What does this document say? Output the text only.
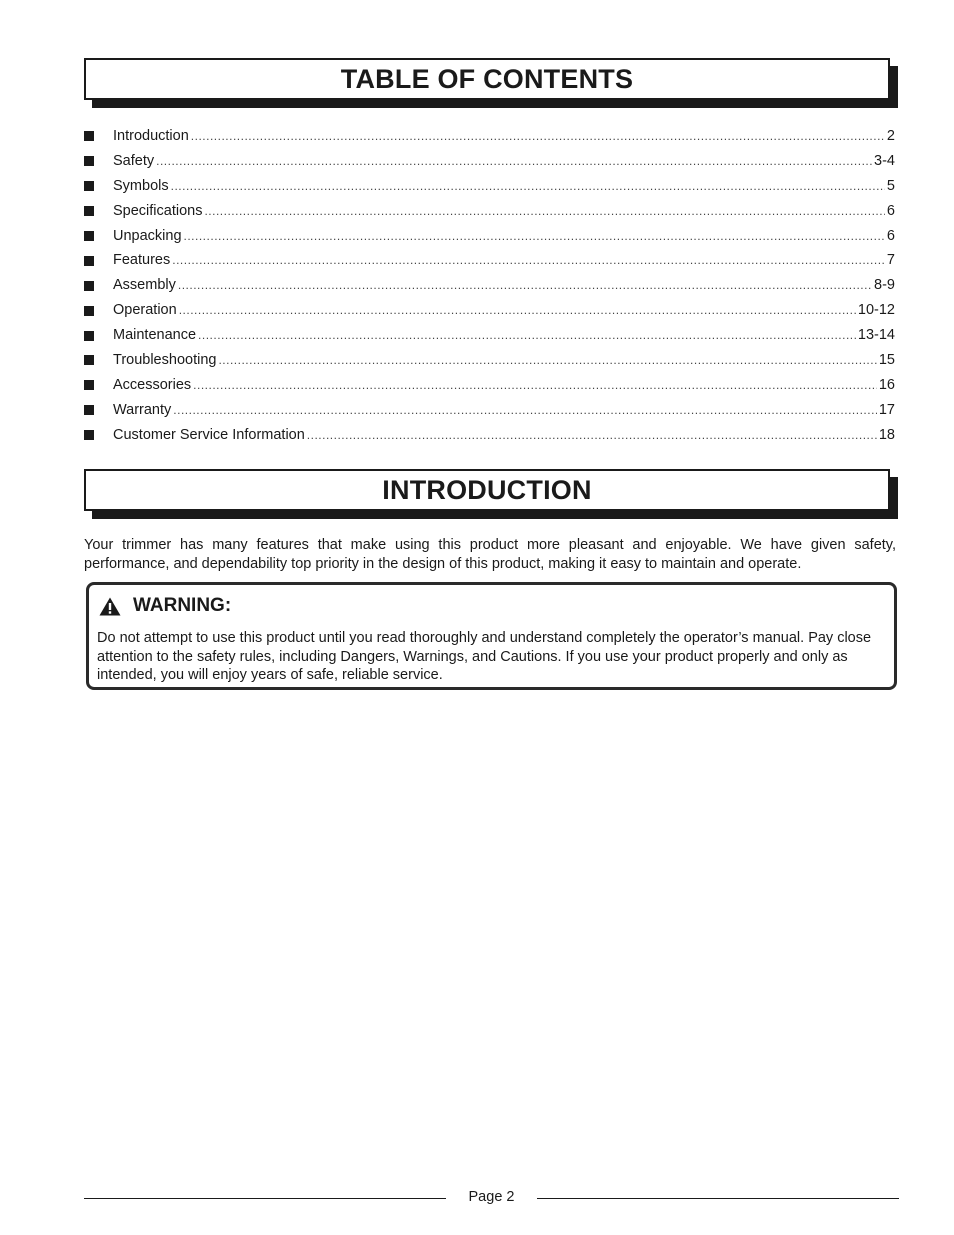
TABLE OF CONTENTS
Introduction .....	2
Safety .....	3-4
Symbols .....	5
Specifications .....	6
Unpacking .....	6
Features .....	7
Assembly .....	8-9
Operation .....	10-12
Maintenance .....	13-14
Troubleshooting .....	15
Accessories .....	16
Warranty .....	17
Customer Service Information .....	18
INTRODUCTION

Your trimmer has many features that make using this product more pleasant and enjoyable. We have given safety, performance, and dependability top priority in the design of this product, making it easy to maintain and operate.

WARNING:

Do not attempt to use this product until you read thoroughly and understand completely the operator’s manual. Pay close attention to the safety rules, including Dangers, Warnings, and Cautions. If you use your product properly and only as intended, you will enjoy years of safe, reliable service.

Page 2
